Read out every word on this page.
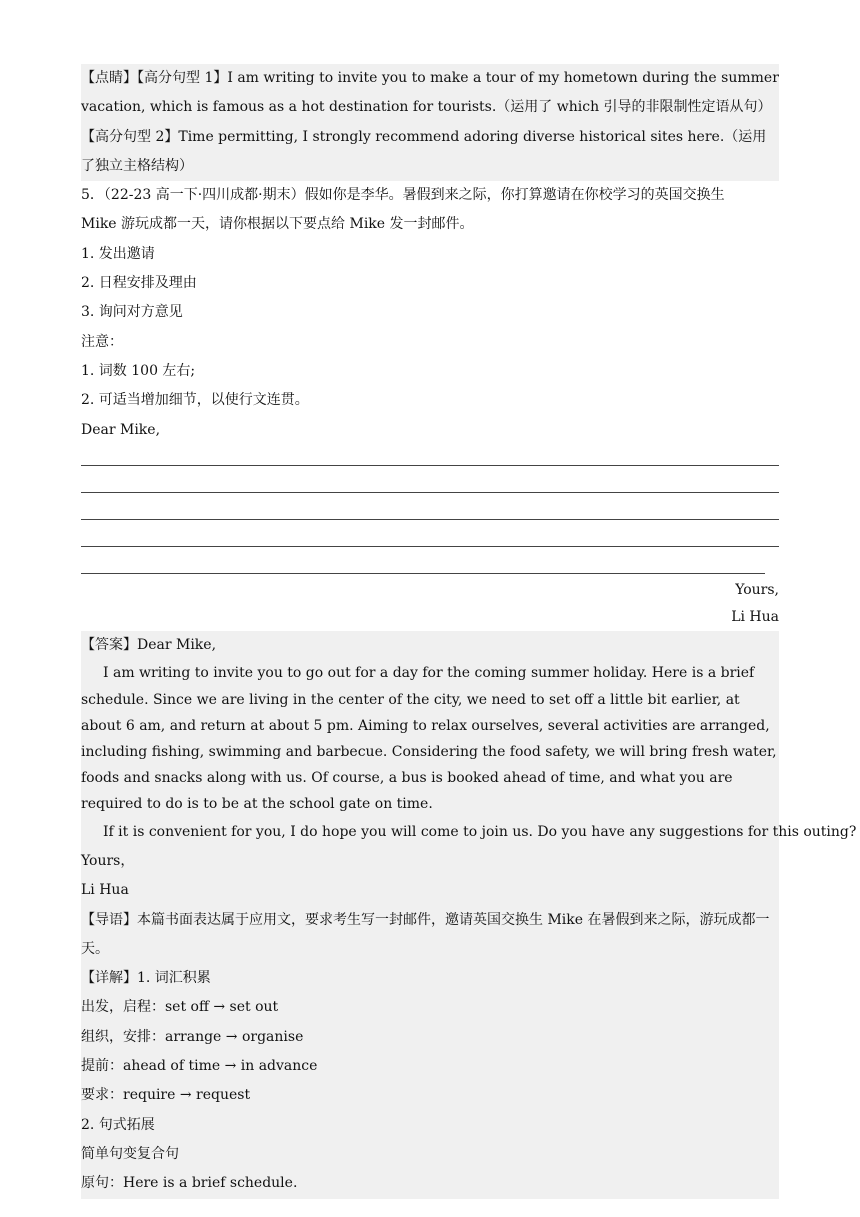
【点睛】【高分句型 1】I am writing to invite you to make a tour of my hometown during the summer vacation, which is famous as a hot destination for tourists.（运用了 which 引导的非限制性定语从句）
【高分句型 2】Time permitting, I strongly recommend adoring diverse historical sites here.（运用了独立主格结构）
5．（22-23 高一下·四川成都·期末）假如你是李华。暑假到来之际，你打算邀请在你校学习的英国交换生
Mike 游玩成都一天，请你根据以下要点给 Mike 发一封邮件。
1. 发出邀请
2. 日程安排及理由
3. 询问对方意见
注意：
1. 词数 100 左右;
2. 可适当增加细节，以使行文连贯。
Dear Mike,
Yours,
Li Hua
【答案】Dear Mike,
I am writing to invite you to go out for a day for the coming summer holiday. Here is a brief schedule. Since we are living in the center of the city, we need to set off a little bit earlier, at about 6 am, and return at about 5 pm. Aiming to relax ourselves, several activities are arranged, including fishing, swimming and barbecue. Considering the food safety, we will bring fresh water, foods and snacks along with us. Of course, a bus is booked ahead of time, and what you are required to do is to be at the school gate on time.
If it is convenient for you, I do hope you will come to join us. Do you have any suggestions for this outing?
Yours，
Li Hua
【导语】本篇书面表达属于应用文，要求考生写一封邮件，邀请英国交换生 Mike 在暑假到来之际，游玩成都一天。
【详解】1. 词汇积累
出发，启程：set off → set out
组织，安排：arrange → organise
提前：ahead of time → in advance
要求：require → request
2. 句式拓展
简单句变复合句
原句：Here is a brief schedule.
